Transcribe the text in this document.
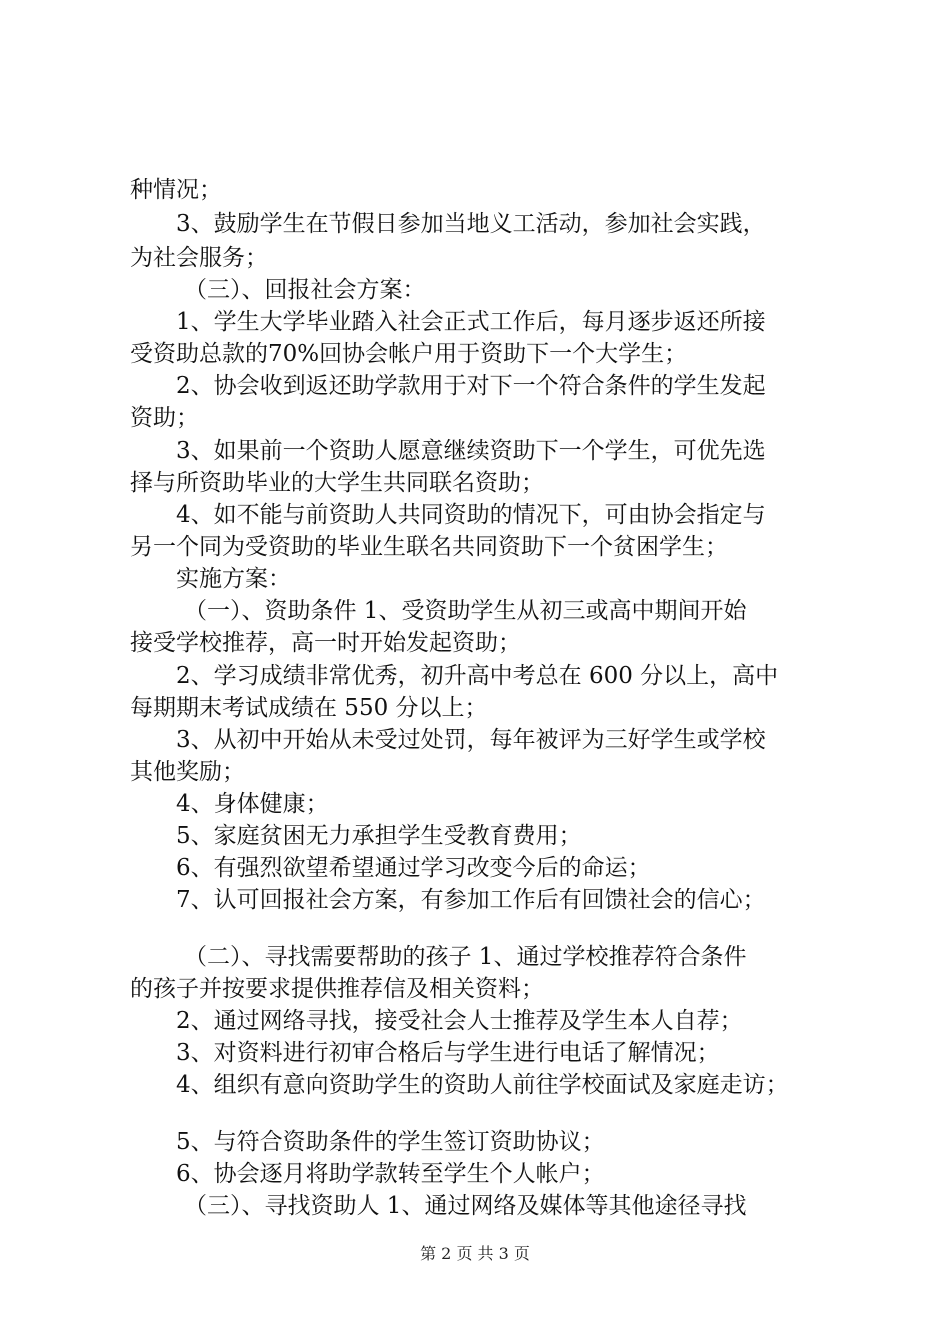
种情况；
3、鼓励学生在节假日参加当地义工活动，参加社会实践，
为社会服务；
（三）、回报社会方案：
1、学生大学毕业踏入社会正式工作后，每月逐步返还所接
受资助总款的70%回协会帐户用于资助下一个大学生；
2、协会收到返还助学款用于对下一个符合条件的学生发起
资助；
3、如果前一个资助人愿意继续资助下一个学生，可优先选
择与所资助毕业的大学生共同联名资助；
4、如不能与前资助人共同资助的情况下，可由协会指定与
另一个同为受资助的毕业生联名共同资助下一个贫困学生；
实施方案：
（一）、资助条件 1、受资助学生从初三或高中期间开始
接受学校推荐，高一时开始发起资助；
2、学习成绩非常优秀，初升高中考总在 600 分以上，高中
每期期末考试成绩在 550 分以上；
3、从初中开始从未受过处罚，每年被评为三好学生或学校
其他奖励；
4、身体健康；
5、家庭贫困无力承担学生受教育费用；
6、有强烈欲望希望通过学习改变今后的命运；
7、认可回报社会方案，有参加工作后有回馈社会的信心；
（二）、寻找需要帮助的孩子 1、通过学校推荐符合条件
的孩子并按要求提供推荐信及相关资料；
2、通过网络寻找，接受社会人士推荐及学生本人自荐；
3、对资料进行初审合格后与学生进行电话了解情况；
4、组织有意向资助学生的资助人前往学校面试及家庭走访；
5、与符合资助条件的学生签订资助协议；
6、协会逐月将助学款转至学生个人帐户；
（三）、寻找资助人 1、通过网络及媒体等其他途径寻找
第 2 页 共 3 页
